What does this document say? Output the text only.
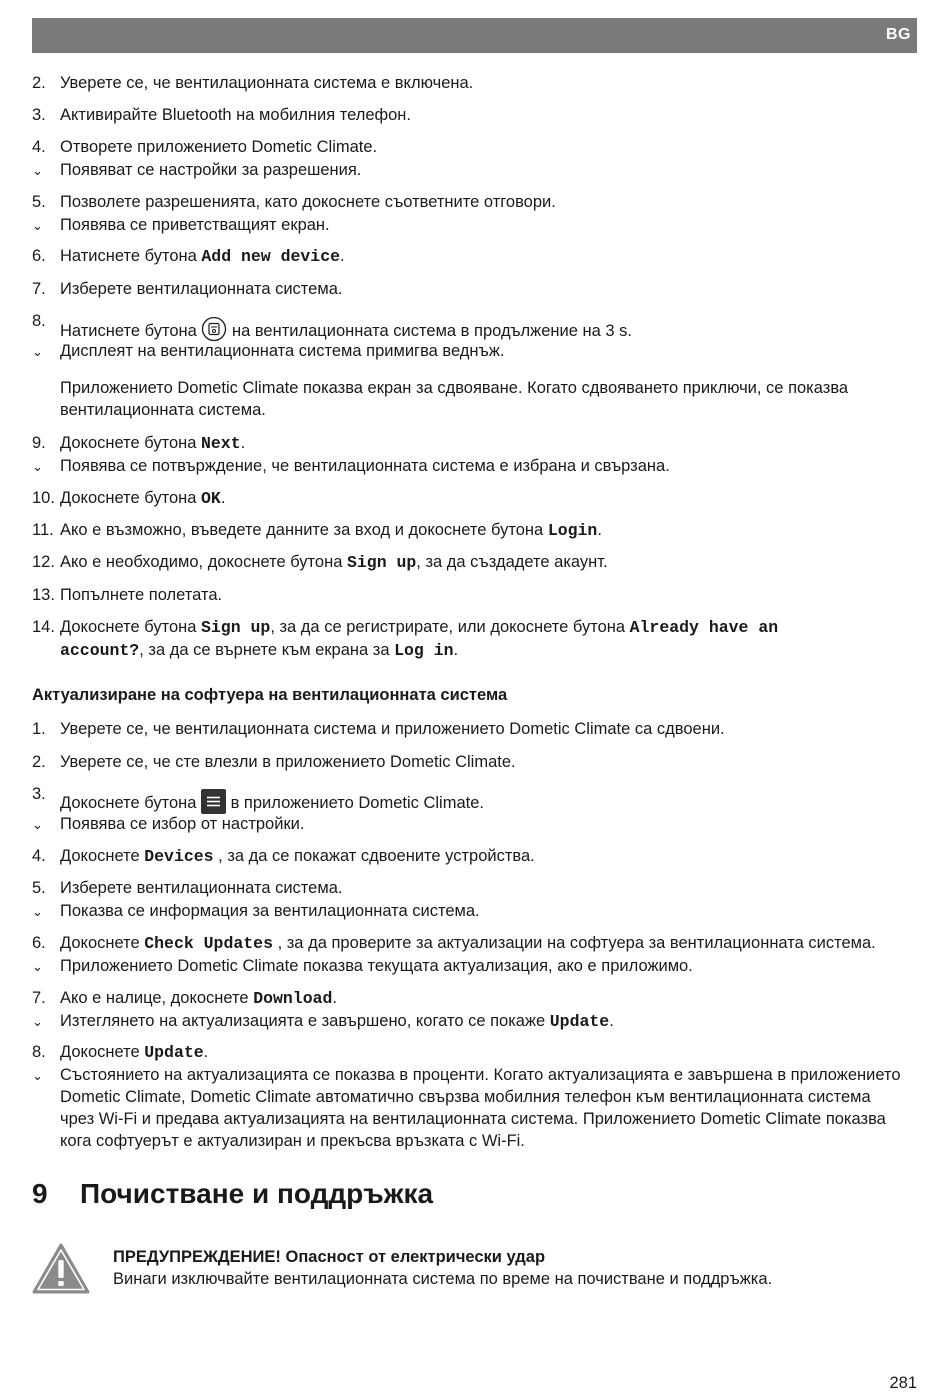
BG
2. Уверете се, че вентилационната система е включена.
3. Активирайте Bluetooth на мобилния телефон.
4. Отворете приложението Dometic Climate.
⌄ Появяват се настройки за разрешения.
5. Позволете разрешенията, като докоснете съответните отговори.
⌄ Появява се приветстващият екран.
6. Натиснете бутона Add new device.
7. Изберете вентилационната система.
8.
Натиснете бутона  на вентилационната система в продължение на 3 s.
⌄ Дисплеят на вентилационната система примигва веднъж.
Приложението Dometic Climate показва екран за сдвояване. Когато сдвояването приключи, се показва вентилационната система.
9. Докоснете бутона Next.
⌄ Появява се потвърждение, че вентилационната система е избрана и свързана.
10. Докоснете бутона OK.
11. Ако е възможно, въведете данните за вход и докоснете бутона Login.
12. Ако е необходимо, докоснете бутона Sign up, за да създадете акаунт.
13. Попълнете полетата.
14. Докоснете бутона Sign up, за да се регистрирате, или докоснете бутона Already have an
account?, за да се върнете към екрана за Log in.
Актуализиране на софтуера на вентилационната система
1. Уверете се, че вентилационната система и приложението Dometic Climate са сдвоени.
2. Уверете се, че сте влезли в приложението Dometic Climate.
3. Докоснете бутона  в приложението Dometic Climate.
⌄ Появява се избор от настройки.
4. Докоснете Devices , за да се покажат сдвоените устройства.
5. Изберете вентилационната система.
⌄ Показва се информация за вентилационната система.
6. Докоснете Check Updates , за да проверите за актуализации на софтуера за вентилационната система.
⌄ Приложението Dometic Climate показва текущата актуализация, ако е приложимо.
7. Ако е налице, докоснете Download.
⌄ Изтеглянето на актуализацията е завършено, когато се покаже Update.
8. Докоснете Update.
⌄ Състоянието на актуализацията се показва в проценти. Когато актуализацията е завършена в приложението Dometic Climate, Dometic Climate автоматично свързва мобилния телефон към вентилационната система чрез Wi-Fi и предава актуализацията на вентилационната система. Приложението Dometic Climate показва кога софтуерът е актуализиран и прекъсва връзката с Wi-Fi.
9 Почистване и поддръжка
ПРЕДУПРЕЖДЕНИЕ! Опасност от електрически удар
Винаги изключвайте вентилационната система по време на почистване и поддръжка.
281
